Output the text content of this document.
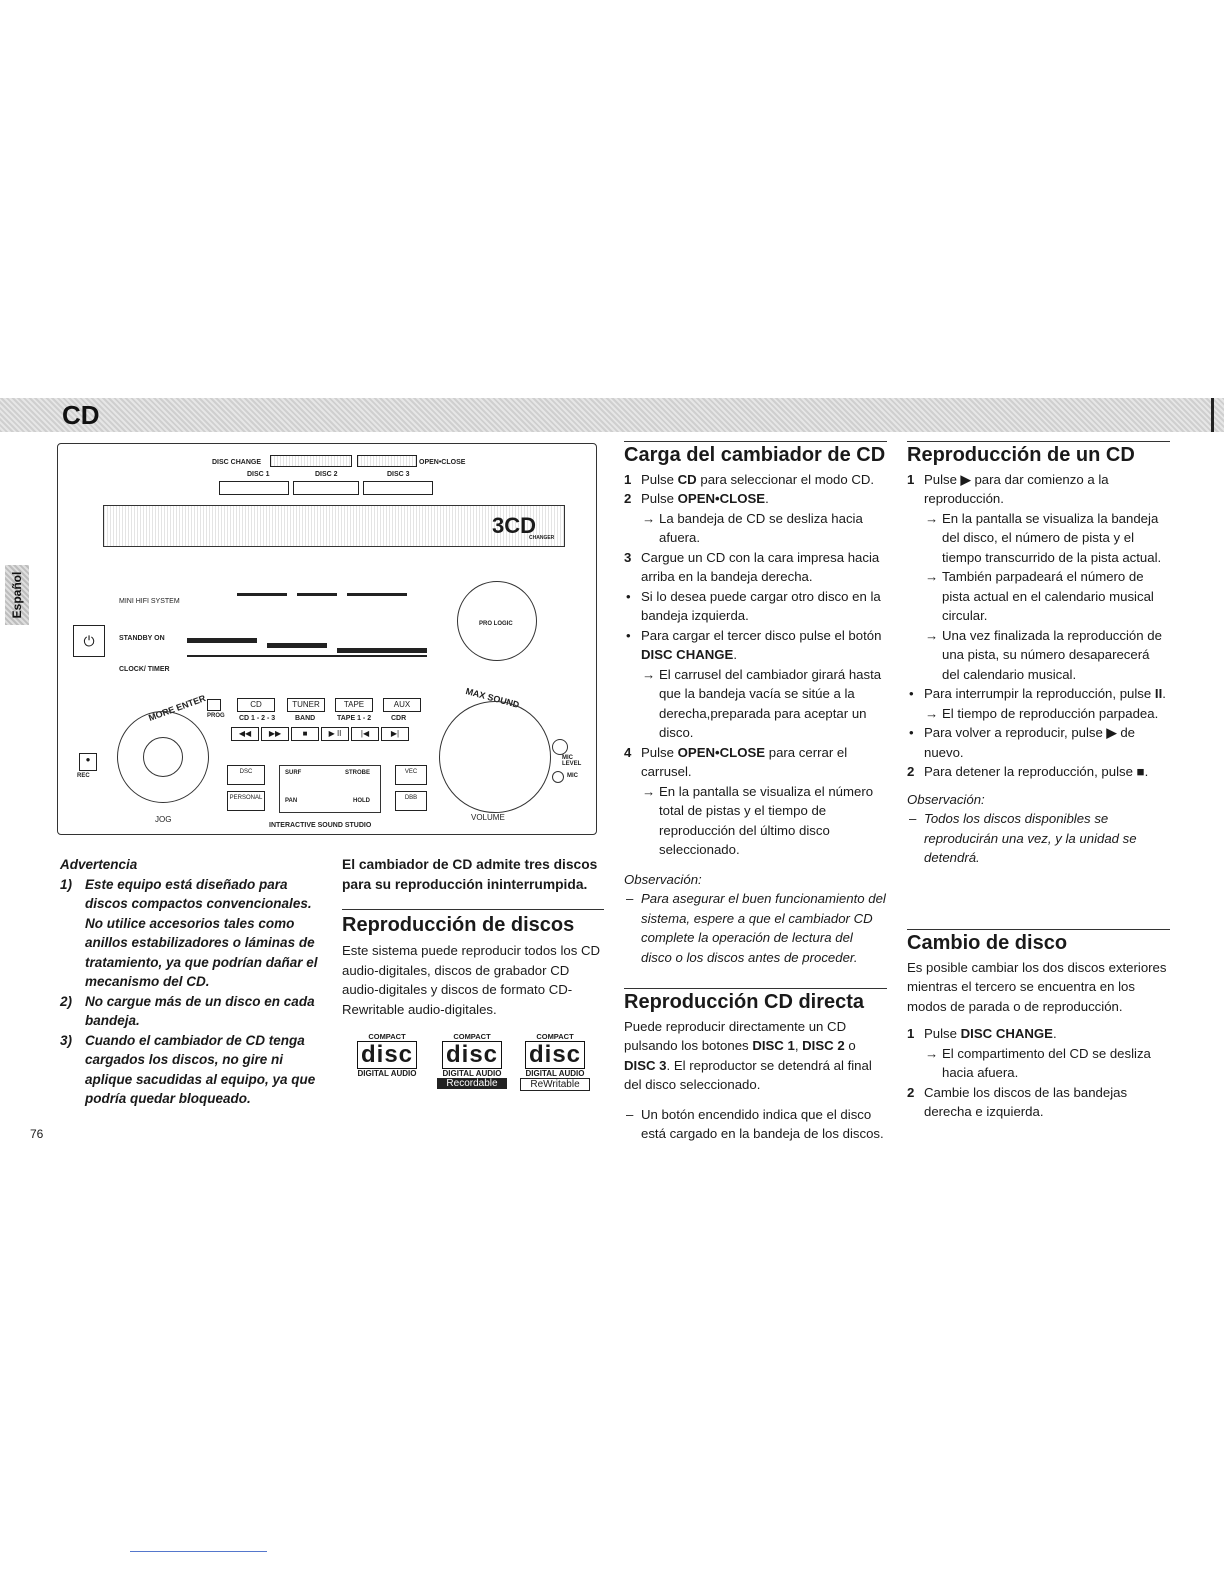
CD
Español
DISC CHANGE	OPEN•CLOSE
DISC 1	DISC 2	DISC 3
3CD
CHANGER
MINI HIFI SYSTEM
PRO LOGIC
⏻	STANDBY ON
CLOCK/ TIMER
MORE ENTER PROG
CD	TUNER	TAPE	AUX
CD 1 - 2 - 3	BAND	TAPE 1 - 2	CDR
◀◀	▶▶	■	▶ II	|◀	▶|
MAX SOUND
JOG	VOLUME
●
REC
MIC LEVEL
MIC
DSC
PERSONAL
SURF	STROBE
PAN	HOLD
VEC
DBB
INTERACTIVE SOUND STUDIO
Advertencia
1) Este equipo está diseñado para discos compactos convencionales. No utilice accesorios tales como anillos estabilizadores o láminas de tratamiento, ya que podrían dañar el mecanismo del CD.
2) No cargue más de un disco en cada bandeja.
3) Cuando el cambiador de CD tenga cargados los discos, no gire ni aplique sacudidas al equipo, ya que podría quedar bloqueado.

El cambiador de CD admite tres discos para su reproducción ininterrumpida.

Reproducción de discos

Este sistema puede reproducir todos los CD audio-digitales, discos de grabador CD audio-digitales y discos de formato CD-Rewritable audio-digitales.

COMPACT
disc
DIGITAL AUDIO
COMPACT
disc
DIGITAL AUDIO
Recordable
COMPACT
disc
DIGITAL AUDIO
ReWritable
Carga del cambiador de CD
1 Pulse CD para seleccionar el modo CD.
2 Pulse OPEN•CLOSE.
→ La bandeja de CD se desliza hacia afuera.
3 Cargue un CD con la cara impresa hacia arriba en la bandeja derecha.
• Si lo desea puede cargar otro disco en la bandeja izquierda.
• Para cargar el tercer disco pulse el botón DISC CHANGE.
→ El carrusel del cambiador girará hasta que la bandeja vacía se sitúe a la derecha,preparada para aceptar un disco.
4 Pulse OPEN•CLOSE para cerrar el carrusel.
→ En la pantalla se visualiza el número total de pistas y el tiempo de reproducción del último disco seleccionado.
Observación:
– Para asegurar el buen funcionamiento del sistema, espere a que el cambiador CD complete la operación de lectura del disco o los discos antes de proceder.
Reproducción CD directa

Puede reproducir directamente un CD pulsando los botones DISC 1, DISC 2 o DISC 3. El reproductor se detendrá al final del disco seleccionado.

– Un botón encendido indica que el disco está cargado en la bandeja de los discos.
Reproducción de un CD
1 Pulse ▶ para dar comienzo a la reproducción.
→ En la pantalla se visualiza la bandeja del disco, el número de pista y el tiempo transcurrido de la pista actual.
→ También parpadeará el número de pista actual en el calendario musical circular.
→ Una vez finalizada la reproducción de una pista, su número desaparecerá del calendario musical.
• Para interrumpir la reproducción, pulse II.
→ El tiempo de reproducción parpadea.
• Para volver a reproducir, pulse ▶ de nuevo.
2 Para detener la reproducción, pulse ■.
Observación:
– Todos los discos disponibles se reproducirán una vez, y la unidad se detendrá.
Cambio de disco

Es posible cambiar los dos discos exteriores mientras el tercero se encuentra en los modos de parada o de reproducción.

1 Pulse DISC CHANGE.
→ El compartimento del CD se desliza hacia afuera.
2 Cambie los discos de las bandejas derecha e izquierda.
76
